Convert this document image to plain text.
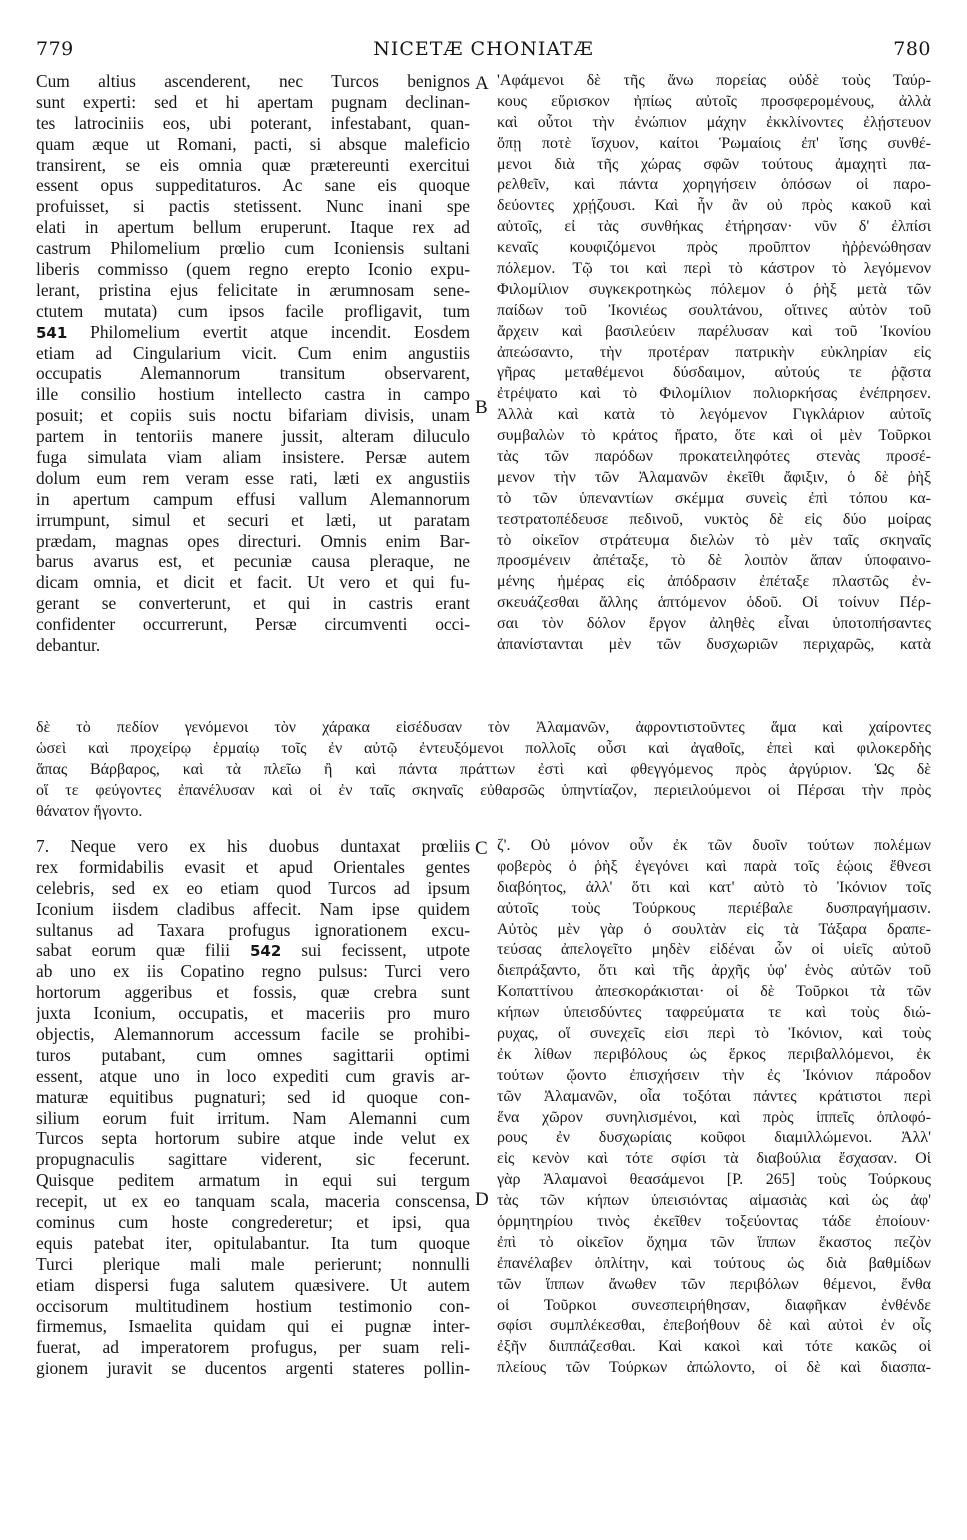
779	NICETÆ CHONIATÆ	780
Cum altius ascenderent, nec Turcos benignos
sunt experti: sed et hi apertam pugnam declinan-
tes latrociniis eos, ubi poterant, infestabant, quan-
quam æque ut Romani, pacti, si absque maleficio
transirent, se eis omnia quæ prætereunti exercitui
essent opus suppeditaturos. Ac sane eis quoque
profuisset, si pactis stetissent. Nunc inani spe
elati in apertum bellum eruperunt. Itaque rex ad
castrum Philomelium prœlio cum Iconiensis sultani
liberis commisso (quem regno erepto Iconio expu-
lerant, pristina ejus felicitate in ærumnosam sene-
ctutem mutata) cum ipsos facile profligavit, tum
541 Philomelium evertit atque incendit. Eosdem
etiam ad Cingularium vicit. Cum enim angustiis
occupatis Alemannorum transitum observarent,
ille consilio hostium intellecto castra in campo
posuit; et copiis suis noctu bifariam divisis, unam
partem in tentoriis manere jussit, alteram diluculo
fuga simulata viam aliam insistere. Persæ autem
dolum eum rem veram esse rati, læti ex angustiis
in apertum campum effusi vallum Alemannorum
irrumpunt, simul et securi et læti, ut paratam
prædam, magnas opes directuri. Omnis enim Bar-
barus avarus est, et pecuniæ causa pleraque, ne
dicam omnia, et dicit et facit. Ut vero et qui fu-
gerant se converterunt, et qui in castris erant
confidenter occurrerunt, Persæ circumventi occi-
debantur.
'Αφάμενοι δὲ τῆς ἄνω πορείας οὐδὲ τοὺς Ταύρ-
κους εὕρισκον ἠπίως αὐτοῖς προσφερομένους, ἀλλὰ
καὶ οὗτοι τὴν ἐνώπιον μάχην ἐκκλίνοντες ἐλῄστευον
ὅπῃ ποτὲ ἴσχυον, καίτοι Ῥωμαίοις ἐπ' ἴσης συνθέ-
μενοι διὰ τῆς χώρας σφῶν τούτους ἀμαχητὶ πα-
ρελθεῖν, καὶ πάντα χορηγήσειν ὁπόσων οἱ παρο-
δεύοντες χρῄζουσι. Καὶ ἦν ἂν οὐ πρὸς κακοῦ καὶ
αὐτοῖς, εἰ τὰς συνθήκας ἐτήρησαν· νῦν δ' ἐλπίσι
κεναῖς κουφιζόμενοι πρὸς προῦπτον ἠῤῥενώθησαν
πόλεμον. Τῷ τοι καὶ περὶ τὸ κάστρον τὸ λεγόμενον
Φιλομίλιον συγκεκροτηκὼς πόλεμον ὁ ῥὴξ μετὰ τῶν
παίδων τοῦ Ἰκονιέως σουλτάνου, οἵτινες αὐτὸν τοῦ
ἄρχειν καὶ βασιλεύειν παρέλυσαν καὶ τοῦ Ἰκονίου
ἀπεώσαντο, τὴν προτέραν πατρικὴν εὐκληρίαν εἰς
γῆρας μεταθέμενοι δύσδαιμον, αὐτούς τε ῥᾷστα
ἐτρέψατο καὶ τὸ Φιλομίλιον πολιορκήσας ἐνέπρησεν.
Ἀλλὰ καὶ κατὰ τὸ λεγόμενον Γιγκλάριον αὐτοῖς
συμβαλὼν τὸ κράτος ἤρατο, ὅτε καὶ οἱ μὲν Τοῦρκοι
τὰς τῶν παρόδων προκατειληφότες στενὰς προσέ-
μενον τὴν τῶν Ἀλαμανῶν ἐκεῖθι ἄφιξιν, ὁ δὲ ῥὴξ
τὸ τῶν ὑπεναντίων σκέμμα συνεὶς ἐπὶ τόπου κα-
τεστρατοπέδευσε πεδινοῦ, νυκτὸς δὲ εἰς δύο μοίρας
τὸ οἰκεῖον στράτευμα διελὼν τὸ μὲν ταῖς σκηναῖς
προσμένειν ἀπέταξε, τὸ δὲ λοιπὸν ἅπαν ὑποφαινο-
μένης ἡμέρας εἰς ἀπόδρασιν ἐπέταξε πλαστῶς ἐν-
σκευάζεσθαι ἄλλης ἁπτόμενον ὁδοῦ. Οἱ τοίνυν Πέρ-
σαι τὸν δόλον ἔργον ἀληθὲς εἶναι ὑποτοπήσαντες
ἀπανίστανται μὲν τῶν δυσχωριῶν περιχαρῶς, κατὰ
A
B
δὲ τὸ πεδίον γενόμενοι τὸν χάρακα εἰσέδυσαν τὸν Ἀλαμανῶν, ἀφροντιστοῦντες ἅμα καὶ χαίροντες
ὡσεὶ καὶ προχείρῳ ἑρμαίῳ τοῖς ἐν αὐτῷ ἐντευξόμενοι πολλοῖς οὖσι καὶ ἀγαθοῖς, ἐπεὶ καὶ φιλοκερδὴς
ἅπας Βάρβαρος, καὶ τὰ πλεῖω ἢ καὶ πάντα πράττων ἐστὶ καὶ φθεγγόμενος πρὸς ἀργύριον. Ὡς δὲ
οἵ τε φεύγοντες ἐπανέλυσαν καὶ οἱ ἐν ταῖς σκηναῖς εὐθαρσῶς ὑπηντίαζον, περιειλούμενοι οἱ Πέρσαι τὴν πρὸς
θάνατον ἤγοντο.
7. Neque vero ex his duobus duntaxat prœliis
rex formidabilis evasit et apud Orientales gentes
celebris, sed ex eo etiam quod Turcos ad ipsum
Iconium iisdem cladibus affecit. Nam ipse quidem
sultanus ad Taxara profugus ignorationem excu-
sabat eorum quæ filii 542 sui fecissent, utpote
ab uno ex iis Copatino regno pulsus: Turci vero
hortorum aggeribus et fossis, quæ crebra sunt
juxta Iconium, occupatis, et maceriis pro muro
objectis, Alemannorum accessum facile se prohibi-
turos putabant, cum omnes sagittarii optimi
essent, atque uno in loco expediti cum gravis ar-
maturæ equitibus pugnaturi; sed id quoque con-
silium eorum fuit irritum. Nam Alemanni cum
Turcos septa hortorum subire atque inde velut ex
propugnaculis sagittare viderent, sic fecerunt.
Quisque peditem armatum in equi sui tergum
recepit, ut ex eo tanquam scala, maceria conscensa,
cominus cum hoste congrederetur; et ipsi, qua
equis patebat iter, opitulabantur. Ita tum quoque
Turci plerique mali male perierunt; nonnulli
etiam dispersi fuga salutem quæsivere. Ut autem
occisorum multitudinem hostium testimonio con-
firmemus, Ismaelita quidam qui ei pugnæ inter-
fuerat, ad imperatorem profugus, per suam reli-
gionem juravit se ducentos argenti stateres pollin-
ζ'. Οὐ μόνον οὖν ἐκ τῶν δυοῖν τούτων πολέμων
φοβερὸς ὁ ῥὴξ ἐγεγόνει καὶ παρὰ τοῖς ἑῴοις ἔθνεσι
διαβόητος, ἀλλ' ὅτι καὶ κατ' αὐτὸ τὸ Ἰκόνιον τοῖς
αὐτοῖς τοὺς Τούρκους περιέβαλε δυσπραγήμασιν.
Αὐτὸς μὲν γὰρ ὁ σουλτὰν εἰς τὰ Τάξαρα δραπε-
τεύσας ἀπελογεῖτο μηδὲν εἰδέναι ὧν οἱ υἱεῖς αὐτοῦ
διεπράξαντο, ὅτι καὶ τῆς ἀρχῆς ὑφ' ἑνὸς αὐτῶν τοῦ
Κοπαττίνου ἀπεσκοράκισται· οἱ δὲ Τοῦρκοι τὰ τῶν
κήπων ὑπεισδύντες ταφρεύματα τε καὶ τοὺς διώ-
ρυχας, οἵ συνεχεῖς εἰσι περὶ τὸ Ἰκόνιον, καὶ τοὺς
ἐκ λίθων περιβόλους ὡς ἕρκος περιβαλλόμενοι, ἐκ
τούτων ᾤοντο ἐπισχήσειν τὴν ἐς Ἰκόνιον πάροδον
τῶν Ἀλαμανῶν, οἷα τοξόται πάντες κράτιστοι περὶ
ἕνα χῶρον συνηλισμένοι, καὶ πρὸς ἱππεῖς ὁπλοφό-
ρους ἐν δυσχωρίαις κοῦφοι διαμιλλώμενοι. Ἀλλ'
εἰς κενὸν καὶ τότε σφίσι τὰ διαβούλια ἔσχασαν. Οἱ
γὰρ Ἀλαμανοὶ θεασάμενοι [P. 265] τοὺς Τούρκους
τὰς τῶν κήπων ὑπεισιόντας αἱμασιὰς καὶ ὡς ἀφ'
ὁρμητηρίου τινὸς ἐκεῖθεν τοξεύοντας τάδε ἐποίουν·
ἐπὶ τὸ οἰκεῖον ὄχημα τῶν ἵππων ἕκαστος πεζὸν
ἐπανέλαβεν ὁπλίτην, καὶ τούτους ὡς διὰ βαθμίδων
τῶν ἵππων ἄνωθεν τῶν περιβόλων θέμενοι, ἔνθα
οἱ Τοῦρκοι συνεσπειρήθησαν, διαφῆκαν ἐνθένδε
σφίσι συμπλέκεσθαι, ἐπεβοήθουν δὲ καὶ αὐτοὶ ἐν οἷς
ἐξῆν διιππάζεσθαι. Καὶ κακοὶ καὶ τότε κακῶς οἱ
πλείους τῶν Τούρκων ἀπώλοντο, οἱ δὲ καὶ διασπα-
C
D
